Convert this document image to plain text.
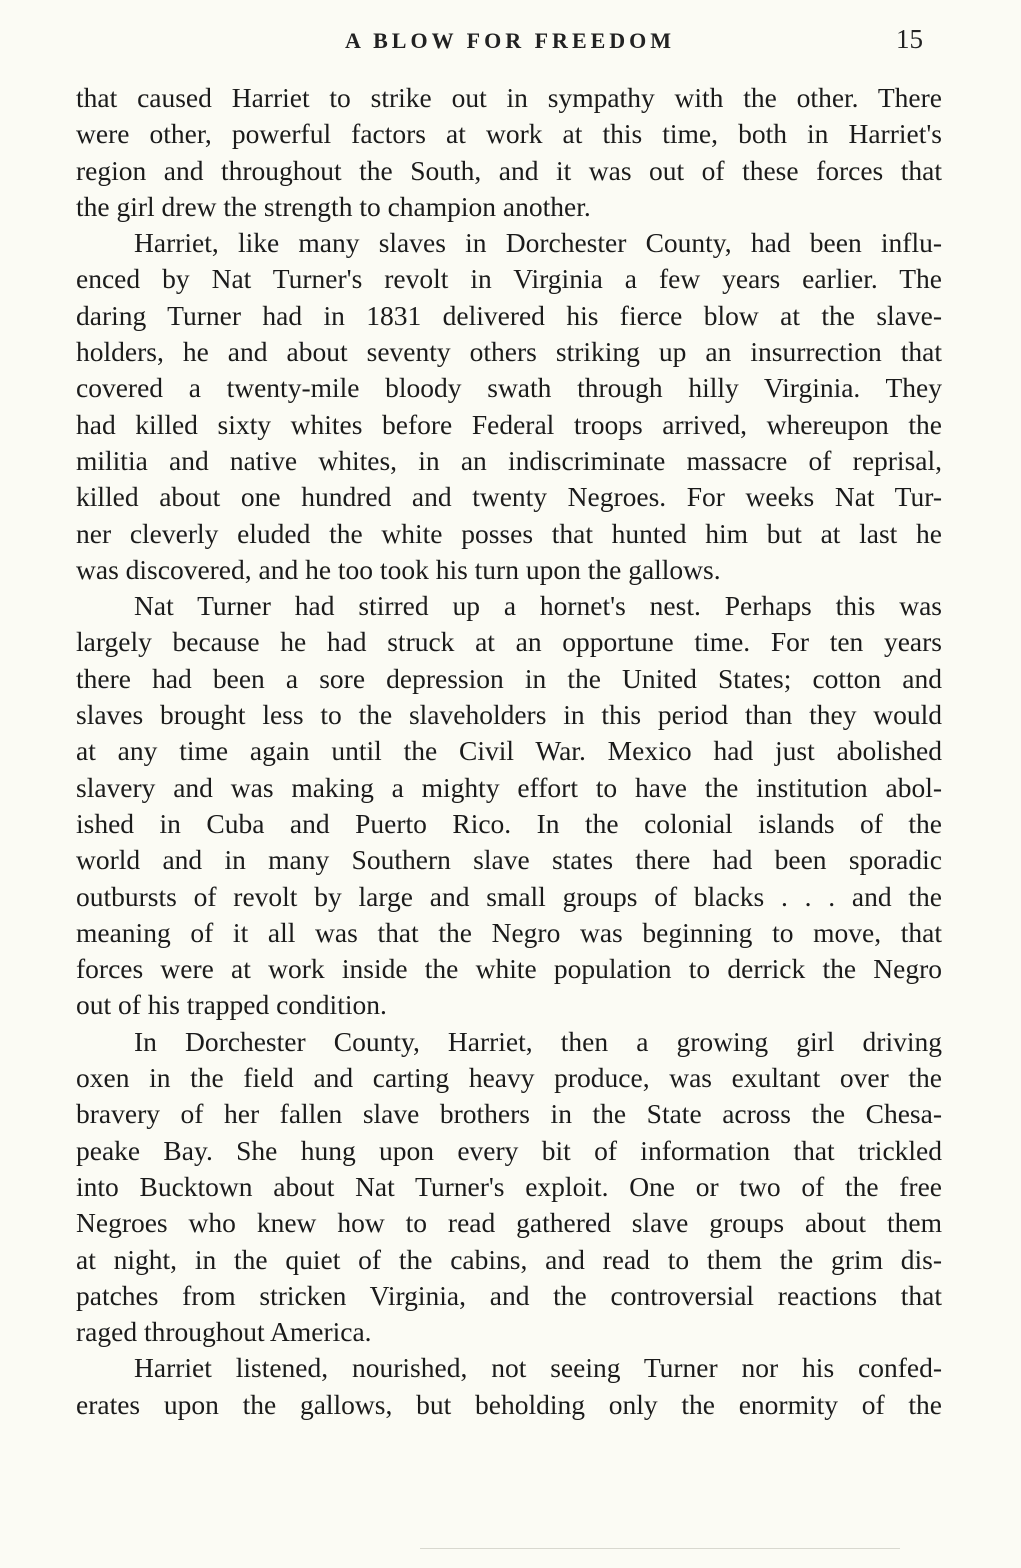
A BLOW FOR FREEDOM	15
that caused Harriet to strike out in sympathy with the other. There
were other, powerful factors at work at this time, both in Harriet's
region and throughout the South, and it was out of these forces that
the girl drew the strength to champion another.
Harriet, like many slaves in Dorchester County, had been influ-
enced by Nat Turner's revolt in Virginia a few years earlier. The
daring Turner had in 1831 delivered his fierce blow at the slave-
holders, he and about seventy others striking up an insurrection that
covered a twenty-mile bloody swath through hilly Virginia. They
had killed sixty whites before Federal troops arrived, whereupon the
militia and native whites, in an indiscriminate massacre of reprisal,
killed about one hundred and twenty Negroes. For weeks Nat Tur-
ner cleverly eluded the white posses that hunted him but at last he
was discovered, and he too took his turn upon the gallows.
Nat Turner had stirred up a hornet's nest. Perhaps this was
largely because he had struck at an opportune time. For ten years
there had been a sore depression in the United States; cotton and
slaves brought less to the slaveholders in this period than they would
at any time again until the Civil War. Mexico had just abolished
slavery and was making a mighty effort to have the institution abol-
ished in Cuba and Puerto Rico. In the colonial islands of the
world and in many Southern slave states there had been sporadic
outbursts of revolt by large and small groups of blacks . . . and the
meaning of it all was that the Negro was beginning to move, that
forces were at work inside the white population to derrick the Negro
out of his trapped condition.
In Dorchester County, Harriet, then a growing girl driving
oxen in the field and carting heavy produce, was exultant over the
bravery of her fallen slave brothers in the State across the Chesa-
peake Bay. She hung upon every bit of information that trickled
into Bucktown about Nat Turner's exploit. One or two of the free
Negroes who knew how to read gathered slave groups about them
at night, in the quiet of the cabins, and read to them the grim dis-
patches from stricken Virginia, and the controversial reactions that
raged throughout America.
Harriet listened, nourished, not seeing Turner nor his confed-
erates upon the gallows, but beholding only the enormity of the
